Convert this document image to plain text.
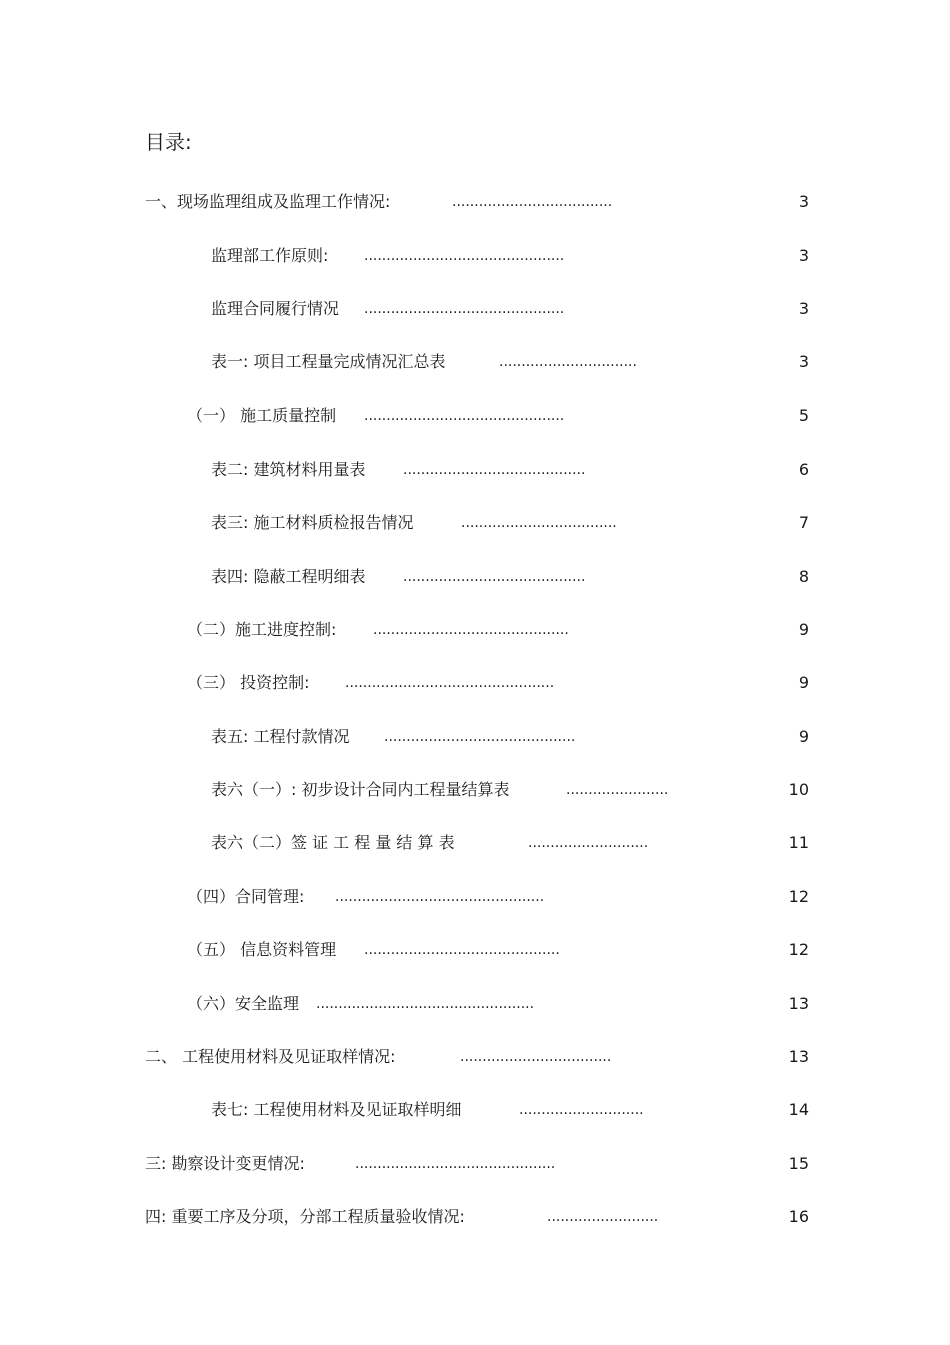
目录:
一、现场监理组成及监理工作情况:	....................................	3
监理部工作原则:	.............................................	3
监理合同履行情况 .............................................	3
表一: 项目工程量完成情况汇总表	...............................	3
（一） 施工质量控制 .............................................	5
表二: 建筑材料用量表	.........................................	6
表三: 施工材料质检报告情况	...................................	7
表四: 隐蔽工程明细表	.........................................	8
（二）施工进度控制:	............................................	9
（三） 投资控制:	...............................................	9
表五: 工程付款情况 ...........................................	9
表六（一）: 初步设计合同内工程量结算表	.......................	10
表六（二）签 证 工 程 量 结 算 表	...........................	11
（四）合同管理: ...............................................	12
（五） 信息资料管理 ............................................	12
（六）安全监理 .................................................	13
二、 工程使用材料及见证取样情况:	..................................	13
表七: 工程使用材料及见证取样明细	............................	14
三: 勘察设计变更情况:	.............................................	15
四: 重要工序及分项，分部工程质量验收情况:	.........................	16
